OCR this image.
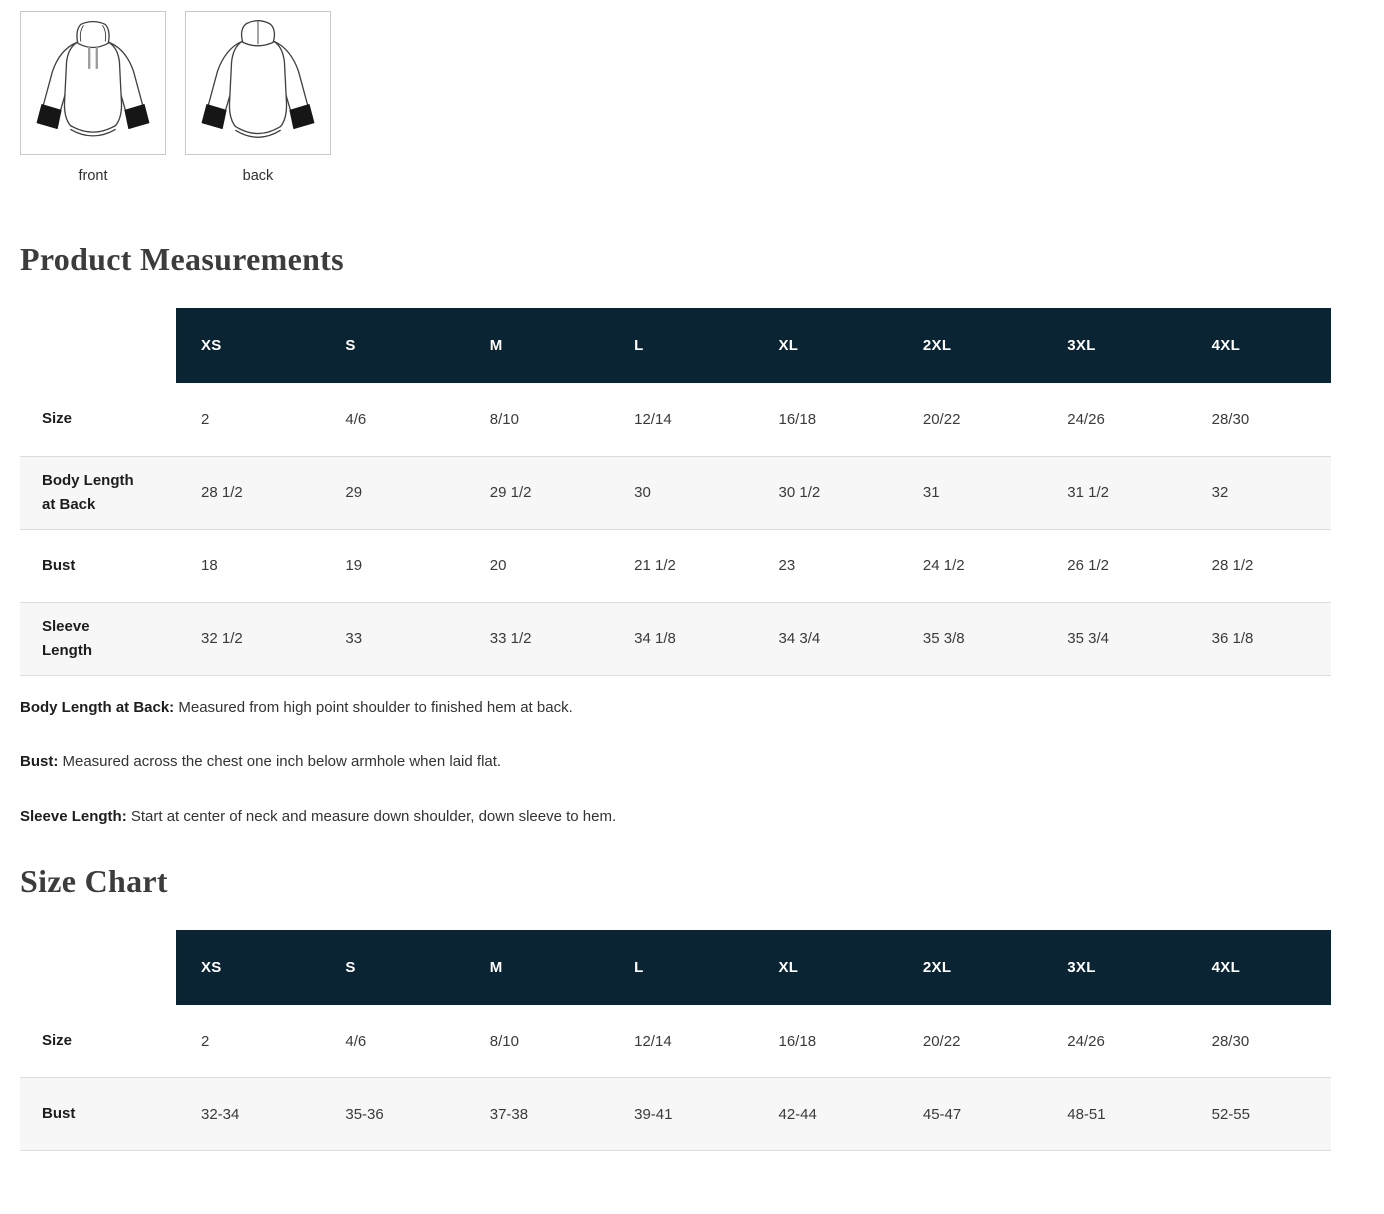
front	back
Product Measurements
	XS	S	M	L	XL	2XL	3XL	4XL
Size	2	4/6	8/10	12/14	16/18	20/22	24/26	28/30
Body Length at Back	28 1/2	29	29 1/2	30	30 1/2	31	31 1/2	32
Bust	18	19	20	21 1/2	23	24 1/2	26 1/2	28 1/2
Sleeve Length	32 1/2	33	33 1/2	34 1/8	34 3/4	35 3/8	35 3/4	36 1/8

Body Length at Back: Measured from high point shoulder to finished hem at back.

Bust: Measured across the chest one inch below armhole when laid flat.

Sleeve Length: Start at center of neck and measure down shoulder, down sleeve to hem.

Size Chart
	XS	S	M	L	XL	2XL	3XL	4XL
Size	2	4/6	8/10	12/14	16/18	20/22	24/26	28/30
Bust	32-34	35-36	37-38	39-41	42-44	45-47	48-51	52-55
